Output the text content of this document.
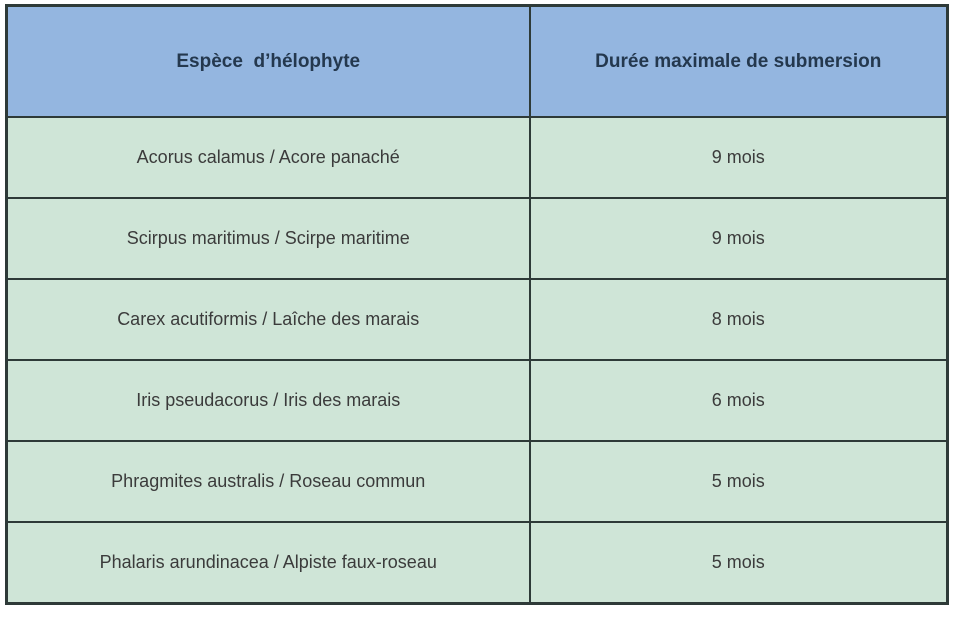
Espèce  d’hélophyte	Durée maximale de submersion
Acorus calamus / Acore panaché	9 mois
Scirpus maritimus / Scirpe maritime	9 mois
Carex acutiformis / Laîche des marais	8 mois
Iris pseudacorus / Iris des marais	6 mois
Phragmites australis / Roseau commun	5 mois
Phalaris arundinacea / Alpiste faux-roseau	5 mois
